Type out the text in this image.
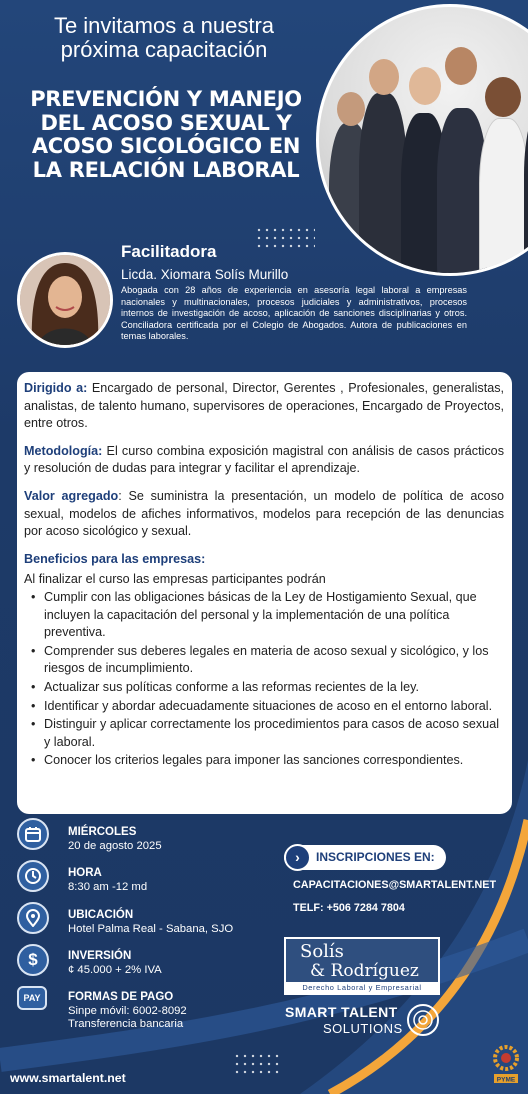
Te invitamos a nuestra próxima capacitación
PREVENCIÓN Y MANEJO DEL ACOSO SEXUAL Y ACOSO SICOLÓGICO EN LA RELACIÓN LABORAL
Facilitadora
Licda. Xiomara Solís Murillo
Abogada con 28 años de experiencia en asesoría legal laboral a empresas nacionales y multinacionales, procesos judiciales y administrativos, procesos internos de investigación de acoso, aplicación de sanciones disciplinarias y otros. Conciliadora certificada por el Colegio de Abogados. Autora de publicaciones en temas laborales.

Dirigido a: Encargado de personal, Director, Gerentes , Profesionales, generalistas, analistas, de talento humano, supervisores de operaciones, Encargado de Proyectos, entre otros.

Metodología: El curso combina exposición magistral con análisis de casos prácticos y resolución de dudas para integrar y facilitar el aprendizaje.

Valor agregado: Se suministra la presentación, un modelo de política de acoso sexual, modelos de afiches informativos, modelos para recepción de las denuncias por acoso sicológico y sexual.

Beneficios para las empresas:
Al finalizar el curso las empresas participantes podrán
• Cumplir con las obligaciones básicas de la Ley de Hostigamiento Sexual, que incluyen la capacitación del personal y la implementación de una política preventiva.
• Comprender sus deberes legales en materia de acoso sexual y sicológico, y los riesgos de incumplimiento.
• Actualizar sus políticas conforme a las reformas recientes de la ley.
• Identificar y abordar adecuadamente situaciones de acoso en el entorno laboral.
• Distinguir y aplicar correctamente los procedimientos para casos de acoso sexual y laboral.
• Conocer los criterios legales para imponer las sanciones correspondientes.
MIÉRCOLES
20 de agosto 2025
HORA
8:30 am -12 md
UBICACIÓN
Hotel Palma Real - Sabana, SJO
$	INVERSIÓN
¢ 45.000 + 2% IVA
PAY	FORMAS DE PAGO
Sinpe móvil: 6002-8092
Transferencia bancaria
›	INSCRIPCIONES EN:
CAPACITACIONES@SMARTALENT.NET
TELF: +506 7284 7804
Solís
& Rodríguez
Derecho Laboral y Empresarial
SMART TALENT
SOLUTIONS
www.smartalent.net	PYME
